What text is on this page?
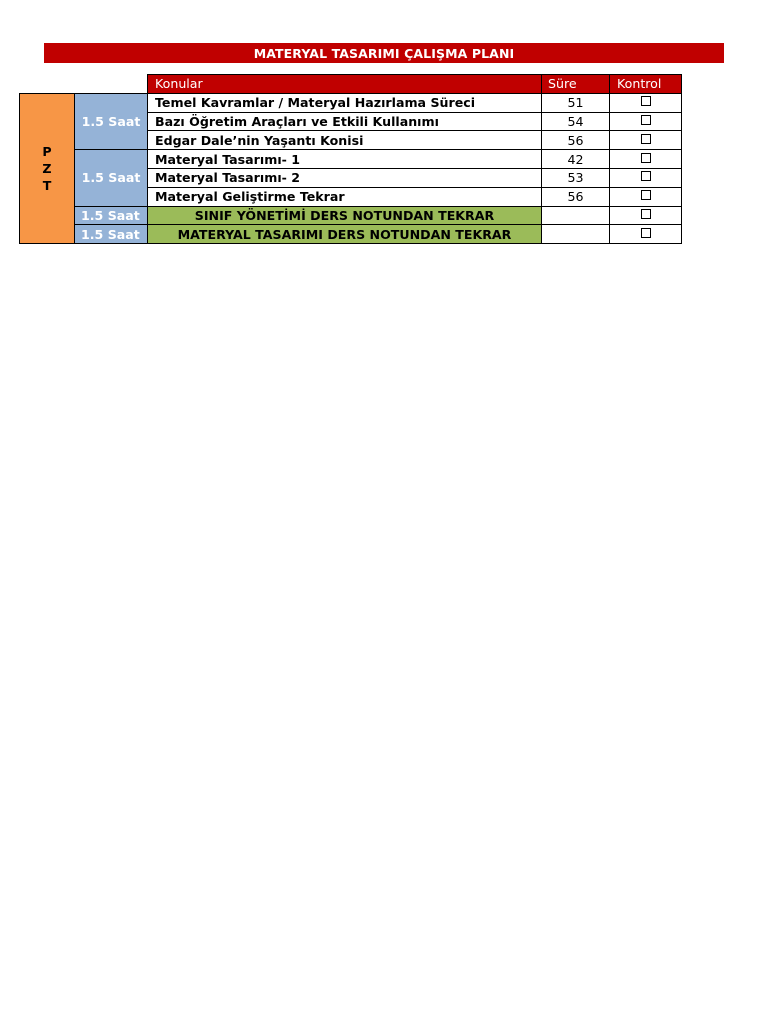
MATERYAL TASARIMI ÇALIŞMA PLANI
		Konular	Süre	Kontrol

P
Z
T	1.5 Saat	Temel Kavramlar / Materyal Hazırlama Süreci	51	
		Bazı Öğretim Araçları ve Etkili Kullanımı	54	
		Edgar Dale’nin Yaşantı Konisi	56	
	1.5 Saat	Materyal Tasarımı- 1	42	
		Materyal Tasarımı- 2	53	
		Materyal Geliştirme Tekrar	56	
	1.5 Saat	SINIF YÖNETİMİ DERS NOTUNDAN TEKRAR		
	1.5 Saat	MATERYAL TASARIMI DERS NOTUNDAN TEKRAR		
